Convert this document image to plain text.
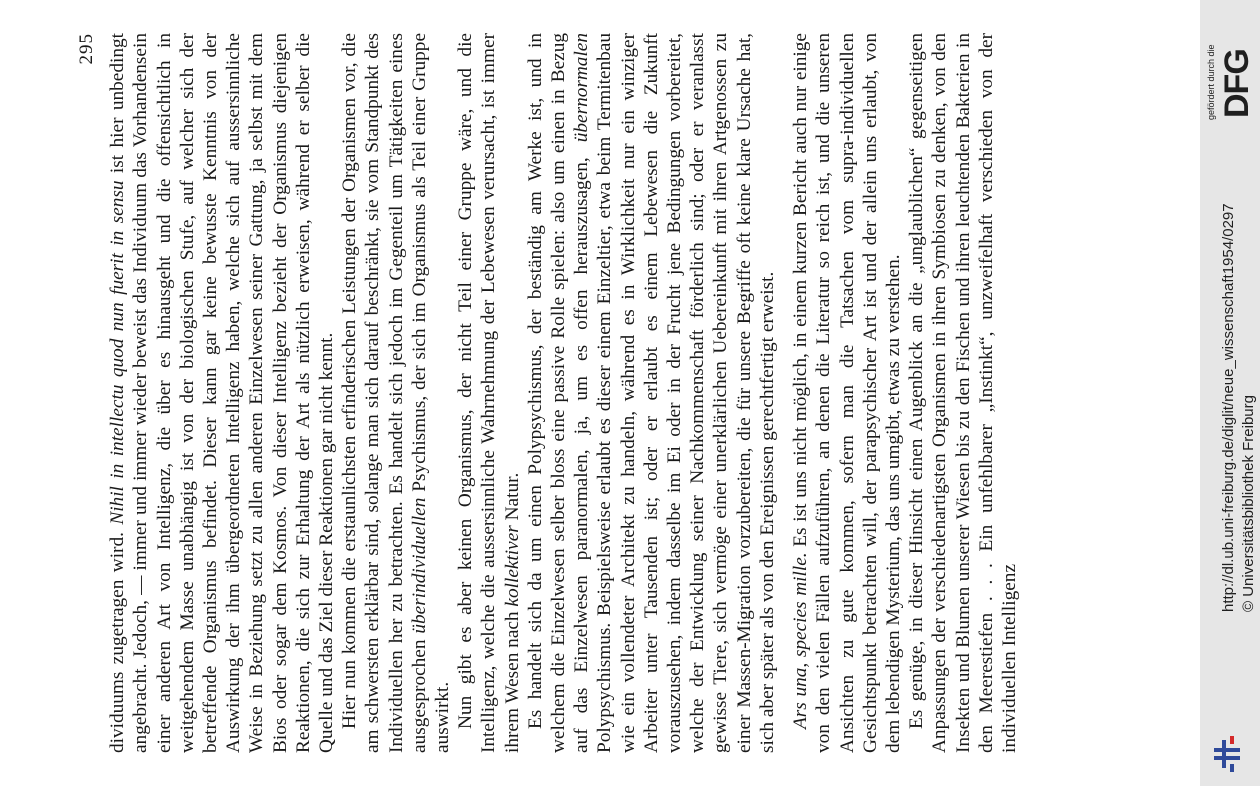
295

dividuums zugetragen wird. Nihil in intellectu quod nun fuerit in sensu ist hier unbedingt angebracht. Jedoch, — immer und immer wieder beweist das Individuum das Vorhandensein einer anderen Art von Intelligenz, die über es hinausgeht und die offensichtlich in weitgehendem Masse unabhängig ist von der biologischen Stufe, auf welcher sich der betreffende Organismus befindet. Dieser kann gar keine bewusste Kenntnis von der Auswirkung der ihm übergeordneten Intelligenz haben, welche sich auf aussersinnliche Weise in Beziehung setzt zu allen anderen Einzelwesen seiner Gattung, ja selbst mit dem Bios oder sogar dem Kosmos. Von dieser Intelligenz bezieht der Organismus diejenigen Reaktionen, die sich zur Erhaltung der Art als nützlich erweisen, während er selber die Quelle und das Ziel dieser Reaktionen gar nicht kennt. Hier nun kommen die erstaunlichsten erfinderischen Leistungen der Organismen vor, die am schwersten erklärbar sind, solange man sich darauf beschränkt, sie vom Standpunkt des Individuellen her zu betrachten. Es handelt sich jedoch im Gegenteil um Tätigkeiten eines ausgesprochen überindividuellen Psychismus, der sich im Organismus als Teil einer Gruppe auswirkt. Nun gibt es aber keinen Organismus, der nicht Teil einer Gruppe wäre, und die Intelligenz, welche die aussersinnliche Wahrnehmung der Lebewesen verursacht, ist immer ihrem Wesen nach kollektiver Natur. Es handelt sich da um einen Polypsychismus, der beständig am Werke ist, und in welchem die Einzelwesen selber bloss eine passive Rolle spielen: also um einen in Bezug auf das Einzelwesen paranormalen, ja, um es offen herauszusagen, übernormalen Polypsychismus. Beispielsweise erlaubt es dieser einem Einzeltier, etwa beim Termitenbau wie ein vollendeter Architekt zu handeln, während es in Wirklichkeit nur ein winziger Arbeiter unter Tausenden ist; oder er erlaubt es einem Lebewesen die Zukunft vorauszusehen, indem dasselbe im Ei oder in der Frucht jene Bedingungen vorbereitet, welche der Entwicklung seiner Nachkommenschaft förderlich sind; oder er veranlasst gewisse Tiere, sich vermöge einer unerklärlichen Uebereinkunft mit ihren Artgenossen zu einer Massen-Migration vorzubereiten, die für unsere Begriffe oft keine klare Ursache hat, sich aber später als von den Ereignissen gerechtfertigt erweist. Ars una, species mille. Es ist uns nicht möglich, in einem kurzen Bericht auch nur einige von den vielen Fällen aufzuführen, an denen die Literatur so reich ist, und die unseren Ansichten zu gute kommen, sofern man die Tatsachen vom supra-individuellen Gesichtspunkt betrachten will, der parapsychischer Art ist und der allein uns erlaubt, von dem lebendigen Mysterium, das uns umgibt, etwas zu verstehen. Es genüge, in dieser Hinsicht einen Augenblick an die „unglaublichen“ gegenseitigen Anpassungen der verschiedenartigsten Organismen in ihren Symbiosen zu denken, von den Insekten und Blumen unserer Wiesen bis zu den Fischen und ihren leuchtenden Bakterien in den Meerestiefen . . . Ein unfehlbarer „Instinkt“, unzweifelhaft verschieden von der individuellen Intelligenz

gefördert durch die DFG
http://dl.ub.uni-freiburg.de/diglit/neue_wissenschaft1954/0297 © Universitätsbibliothek Freiburg
